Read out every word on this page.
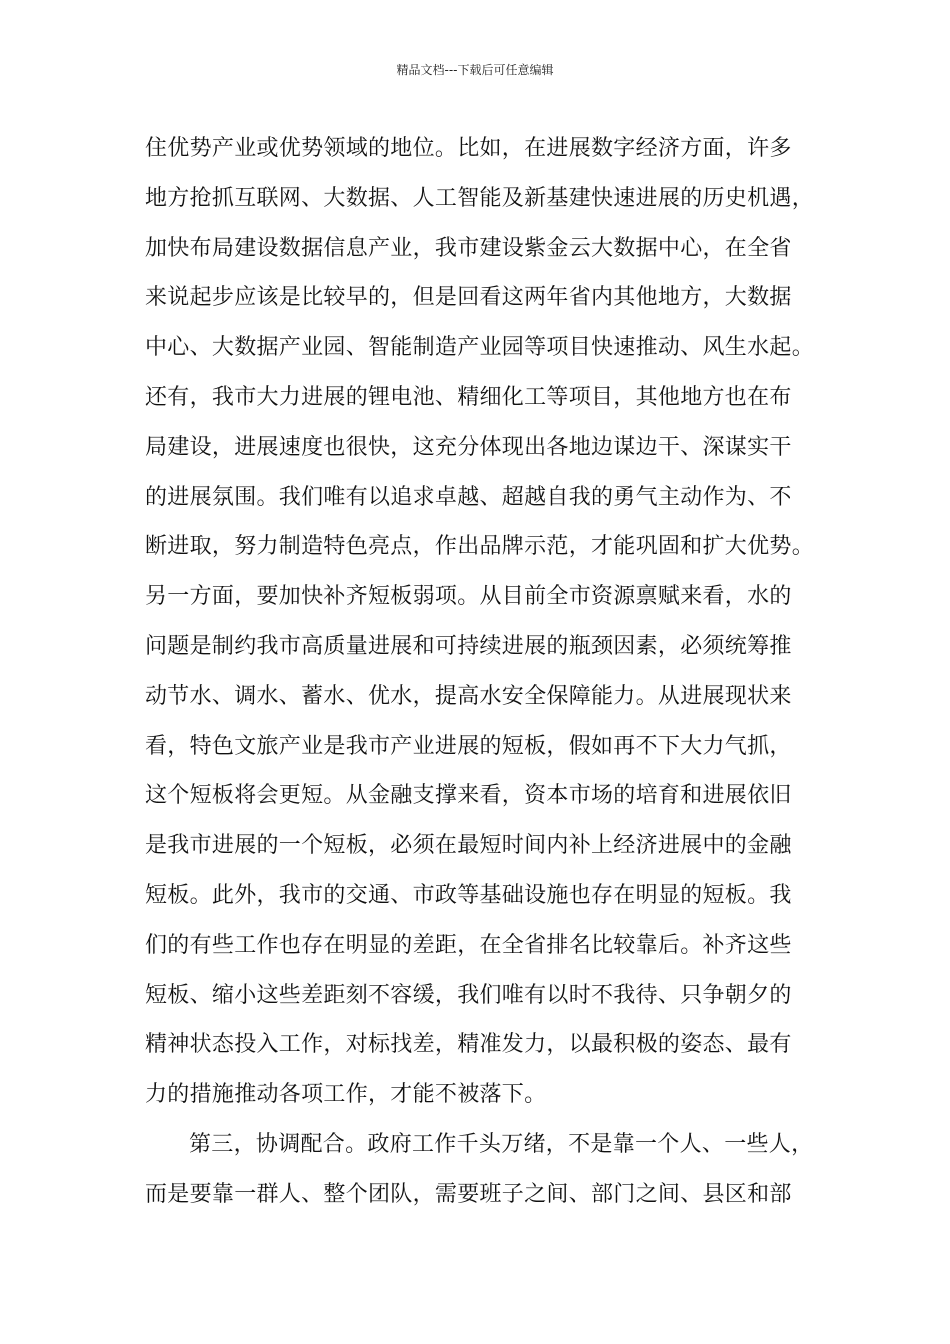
精品文档---下载后可任意编辑
住优势产业或优势领域的地位。比如，在进展数字经济方面，许多
地方抢抓互联网、大数据、人工智能及新基建快速进展的历史机遇，
加快布局建设数据信息产业，我市建设紫金云大数据中心，在全省
来说起步应该是比较早的，但是回看这两年省内其他地方，大数据
中心、大数据产业园、智能制造产业园等项目快速推动、风生水起。
还有，我市大力进展的锂电池、精细化工等项目，其他地方也在布
局建设，进展速度也很快，这充分体现出各地边谋边干、深谋实干
的进展氛围。我们唯有以追求卓越、超越自我的勇气主动作为、不
断进取，努力制造特色亮点，作出品牌示范，才能巩固和扩大优势。
另一方面，要加快补齐短板弱项。从目前全市资源禀赋来看，水的
问题是制约我市高质量进展和可持续进展的瓶颈因素，必须统筹推
动节水、调水、蓄水、优水，提高水安全保障能力。从进展现状来
看，特色文旅产业是我市产业进展的短板，假如再不下大力气抓，
这个短板将会更短。从金融支撑来看，资本市场的培育和进展依旧
是我市进展的一个短板，必须在最短时间内补上经济进展中的金融
短板。此外，我市的交通、市政等基础设施也存在明显的短板。我
们的有些工作也存在明显的差距，在全省排名比较靠后。补齐这些
短板、缩小这些差距刻不容缓，我们唯有以时不我待、只争朝夕的
精神状态投入工作，对标找差，精准发力，以最积极的姿态、最有
力的措施推动各项工作，才能不被落下。
第三，协调配合。政府工作千头万绪，不是靠一个人、一些人，
而是要靠一群人、整个团队，需要班子之间、部门之间、县区和部
